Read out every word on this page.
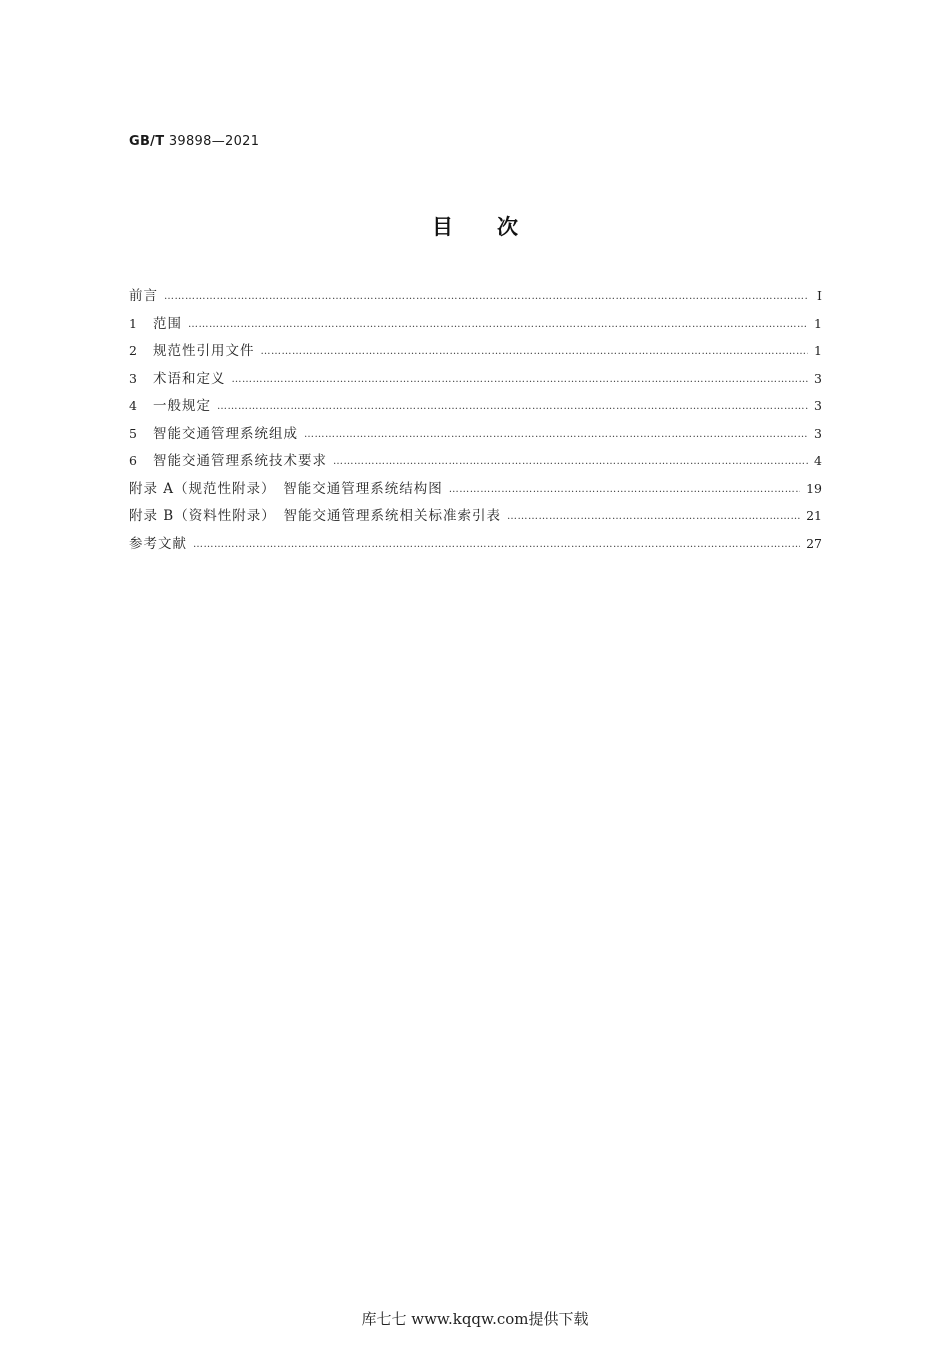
GB/T 39898—2021
目 次
前言 …………………………………………………………………………………………………………………………………………………………………………………………………………………	Ⅰ
1	范围 …………………………………………………………………………………………………………………………………………………………………………………………………………………	1
2	规范性引用文件 …………………………………………………………………………………………………………………………………………………………………………………………………………………	1
3	术语和定义 …………………………………………………………………………………………………………………………………………………………………………………………………………………	3
4	一般规定 …………………………………………………………………………………………………………………………………………………………………………………………………………………	3
5	智能交通管理系统组成 …………………………………………………………………………………………………………………………………………………………………………………………………………………	3
6	智能交通管理系统技术要求 …………………………………………………………………………………………………………………………………………………………………………………………………………………	4
附录 A（规范性附录）　智能交通管理系统结构图 …………………………………………………………………………………………………………………………………………………………………………………………………………………	19
附录 B（资料性附录）　智能交通管理系统相关标准索引表 …………………………………………………………………………………………………………………………………………………………………………………………………………………	21
参考文献 …………………………………………………………………………………………………………………………………………………………………………………………………………………	27
库七七 www.kqqw.com提供下载
